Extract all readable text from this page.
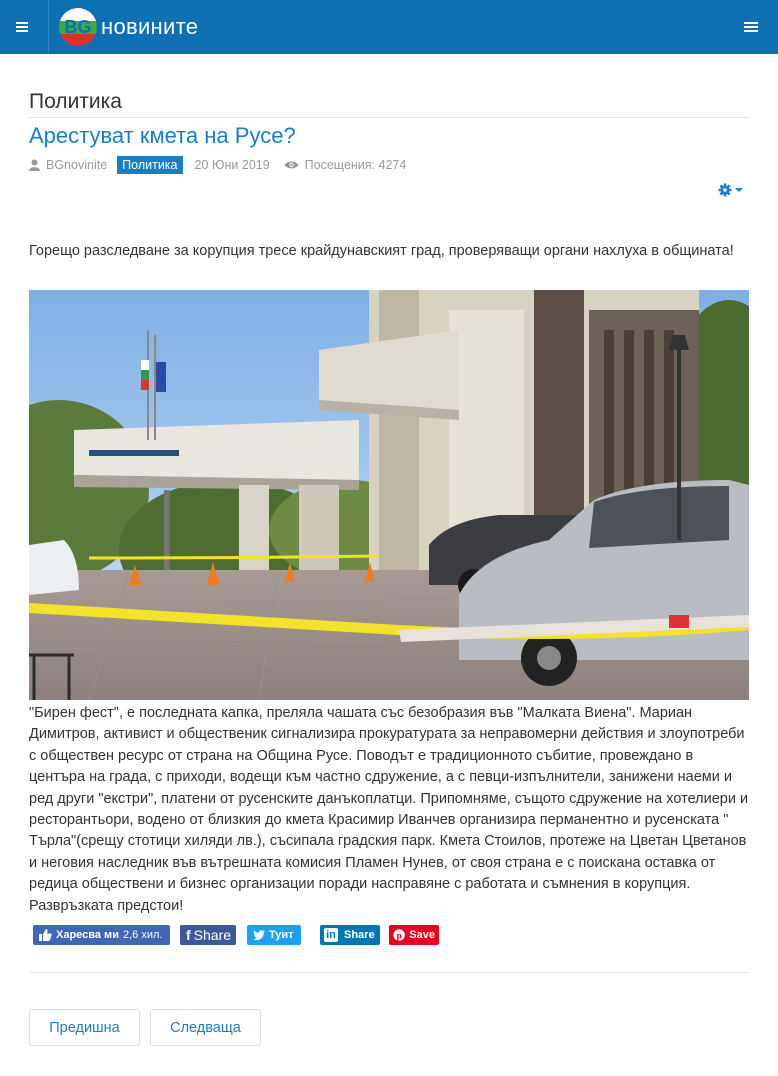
BG новините
Политика
Арестуват кмета на Русе?
BGnovinite	Политика	20 Юни 2019	Посещения: 4274
Горещо разследване за корупция тресе крайдунавският град, проверяващи органи нахлуха в общината!
"Бирен фест", е последната капка, преляла чашата със безобразия във "Малката Виена". Мариан Димитров, активист и общественик сигнализира прокуратурата за неправомерни действия и злоупотреби с обществен ресурс от страна на Община Русе. Поводът е традиционното събитие, провеждано в центъра на града, с приходи, водещи към частно сдружение, а с певци-изпълнители, занижени наеми и ред други "екстри", платени от русенските данъкоплатци. Припомняме, същото сдружение на хотелиери и ресторантьори, водено от близкия до кмета Красимир Иванчев организира перманентно и русенската " Търла"(срещу стотици хиляди лв.), съсипала градския парк. Кмета Стоилов, протеже на Цветан Цветанов и неговия наследник във вътрешната комисия Пламен Нунев, от своя страна е с поискана оставка от редица обществени и бизнес организации поради насправяне с работата и съмнения в корупция. Развръзката предстои!
Харесва ми 2,6 хил. f Share	Туит	in Share p Save
Предишна	Следваща
